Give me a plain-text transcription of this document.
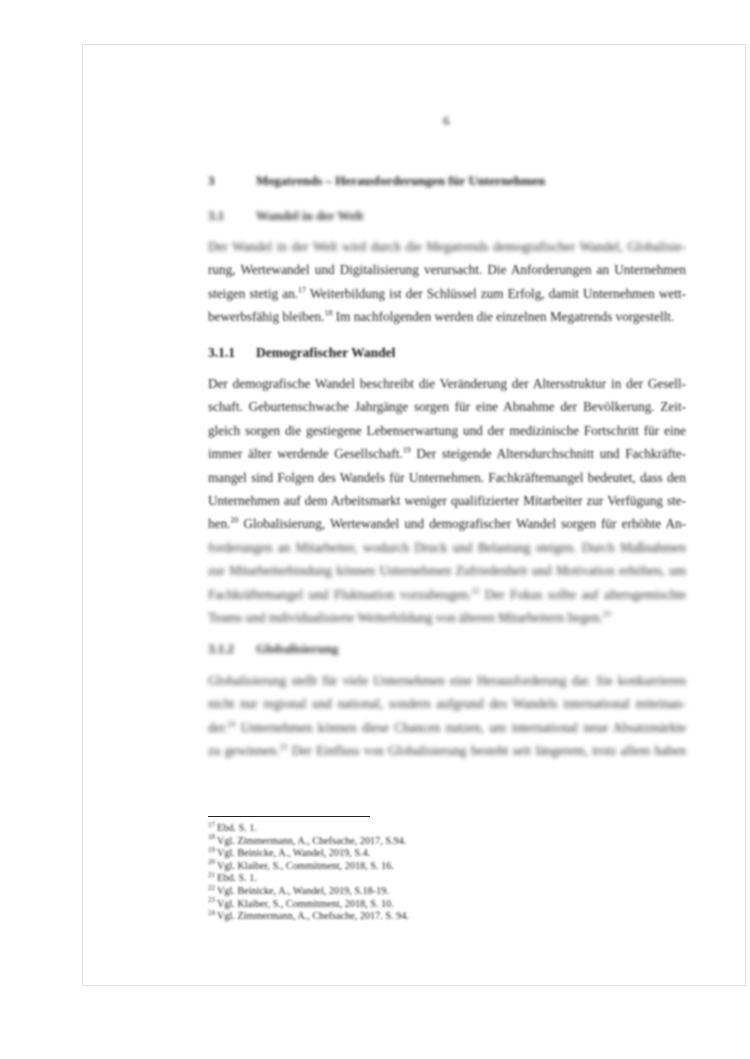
6
3	Megatrends – Herausforderungen für Unternehmen
3.1 Wandel in der Welt
Der Wandel in der Welt wird durch die Megatrends demografischer Wandel, Globalisie-
rung, Wertewandel und Digitalisierung verursacht. Die Anforderungen an Unternehmen
steigen stetig an.$^{17}$ Weiterbildung ist der Schlüssel zum Erfolg, damit Unternehmen wett-
bewerbsfähig bleiben.$^{18}$ Im nachfolgenden werden die einzelnen Megatrends vorgestellt.
3.1.1 Demografischer Wandel
Der demografische Wandel beschreibt die Veränderung der Altersstruktur in der Gesell-
schaft. Geburtenschwache Jahrgänge sorgen für eine Abnahme der Bevölkerung. Zeit-
gleich sorgen die gestiegene Lebenserwartung und der medizinische Fortschritt für eine
immer älter werdende Gesellschaft.$^{19}$ Der steigende Altersdurchschnitt und Fachkräfte-
mangel sind Folgen des Wandels für Unternehmen. Fachkräftemangel bedeutet, dass den
Unternehmen auf dem Arbeitsmarkt weniger qualifizierter Mitarbeiter zur Verfügung ste-
hen.$^{20}$ Globalisierung, Wertewandel und demografischer Wandel sorgen für erhöhte An-
forderungen an Mitarbeiter, wodurch Druck und Belastung steigen. Durch Maßnahmen
zur Mitarbeiterbindung können Unternehmen Zufriedenheit und Motivation erhöhen, um
Fachkräftemangel und Fluktuation vorzubeugen.$^{22}$ Der Fokus sollte auf altersgemischte
Teams und individualisierte Weiterbildung von älteren Mitarbeitern liegen.$^{23}$
3.1.2 Globalisierung
Globalisierung stellt für viele Unternehmen eine Herausforderung dar. Sie konkurrieren
nicht nur regional und national, sondern aufgrund des Wandels international miteinan-
der.$^{24}$ Unternehmen können diese Chancen nutzen, um international neue Absatzmärkte
zu gewinnen.$^{25}$ Der Einfluss von Globalisierung besteht seit längerem, trotz allem haben
$^{17}$ Ebd. S. 1.
$^{18}$ Vgl. Zimmermann, A., Chefsache, 2017, S.94.
$^{19}$ Vgl. Beinicke, A., Wandel, 2019, S.4.
$^{20}$ Vgl. Klaiber, S., Commitment, 2018, S. 16.
$^{21}$ Ebd. S. 1.
$^{22}$ Vgl. Beinicke, A., Wandel, 2019, S.18-19.
$^{23}$ Vgl. Klaiber, S., Commitment, 2018, S. 10.
$^{24}$ Vgl. Zimmermann, A., Chefsache, 2017. S. 94.
